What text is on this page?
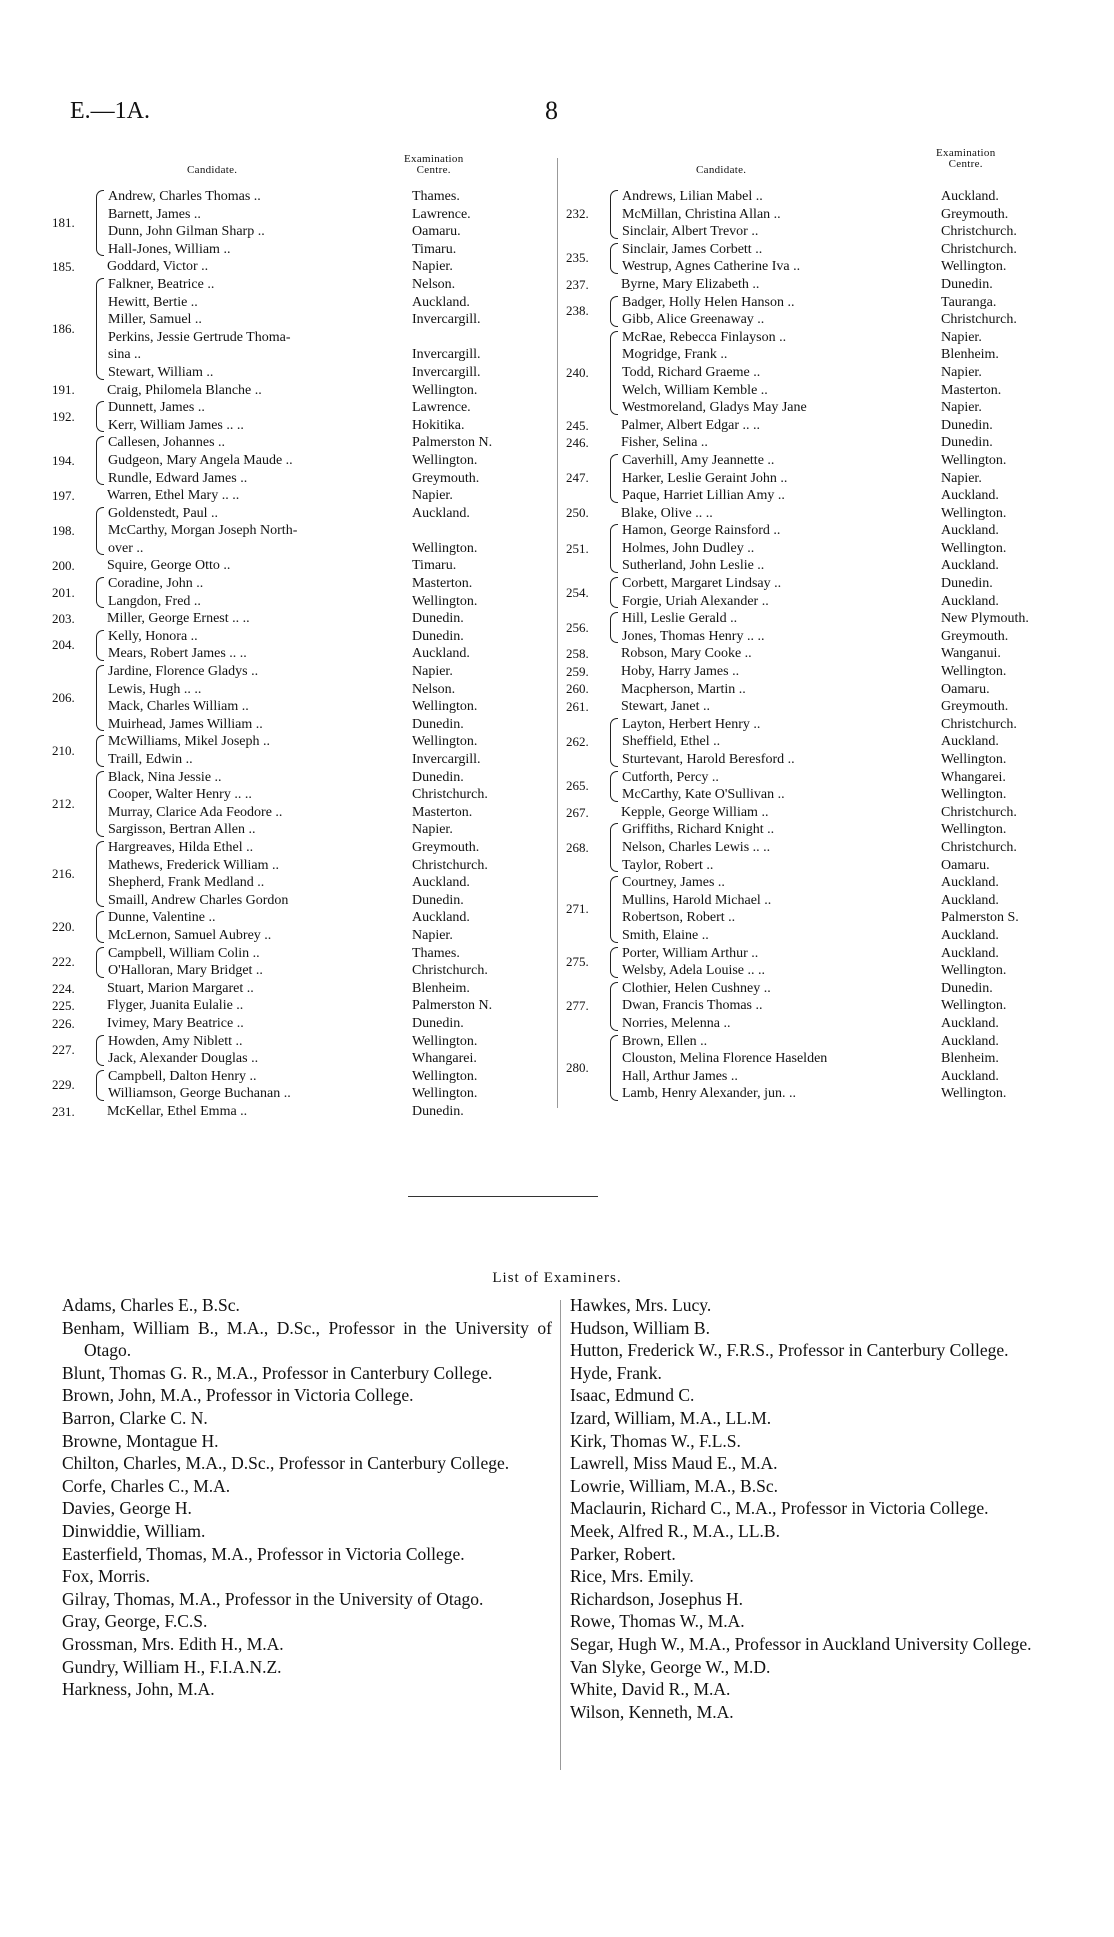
E.—1A.	8
Candidate.
Examination
Centre.
181.
Andrew, Charles Thomas ..	Thames.
Barnett, James ..	Lawrence.
Dunn, John Gilman Sharp ..	Oamaru.
Hall-Jones, William ..	Timaru.
185.	Goddard, Victor ..	Napier.
186.
Falkner, Beatrice ..	Nelson.
Hewitt, Bertie ..	Auckland.
Miller, Samuel ..	Invercargill.
Perkins, Jessie Gertrude Thoma-
sina ..	Invercargill.
Stewart, William ..	Invercargill.
191.	Craig, Philomela Blanche ..	Wellington.
192.
Dunnett, James ..	Lawrence.
Kerr, William James .. ..	Hokitika.
194.
Callesen, Johannes ..	Palmerston N.
Gudgeon, Mary Angela Maude ..	Wellington.
Rundle, Edward James ..	Greymouth.
197.	Warren, Ethel Mary .. ..	Napier.
198.
Goldenstedt, Paul ..	Auckland.
McCarthy, Morgan Joseph North-
over ..	Wellington.
200.	Squire, George Otto ..	Timaru.
201.
Coradine, John ..	Masterton.
Langdon, Fred ..	Wellington.
203.	Miller, George Ernest .. ..	Dunedin.
204.
Kelly, Honora ..	Dunedin.
Mears, Robert James .. ..	Auckland.
206.
Jardine, Florence Gladys ..	Napier.
Lewis, Hugh .. ..	Nelson.
Mack, Charles William ..	Wellington.
Muirhead, James William ..	Dunedin.
210.
McWilliams, Mikel Joseph ..	Wellington.
Traill, Edwin ..	Invercargill.
212.
Black, Nina Jessie ..	Dunedin.
Cooper, Walter Henry .. ..	Christchurch.
Murray, Clarice Ada Feodore ..	Masterton.
Sargisson, Bertran Allen ..	Napier.
216.
Hargreaves, Hilda Ethel ..	Greymouth.
Mathews, Frederick William ..	Christchurch.
Shepherd, Frank Medland ..	Auckland.
Smaill, Andrew Charles Gordon	Dunedin.
220.
Dunne, Valentine ..	Auckland.
McLernon, Samuel Aubrey ..	Napier.
222.
Campbell, William Colin ..	Thames.
O'Halloran, Mary Bridget ..	Christchurch.
224.	Stuart, Marion Margaret ..	Blenheim.
225.	Flyger, Juanita Eulalie ..	Palmerston N.
226.	Ivimey, Mary Beatrice ..	Dunedin.
227.
Howden, Amy Niblett ..	Wellington.
Jack, Alexander Douglas ..	Whangarei.
229.
Campbell, Dalton Henry ..	Wellington.
Williamson, George Buchanan ..	Wellington.
231.	McKellar, Ethel Emma ..	Dunedin.
Candidate.
Examination
Centre.
232.
Andrews, Lilian Mabel ..	Auckland.
McMillan, Christina Allan ..	Greymouth.
Sinclair, Albert Trevor ..	Christchurch.
235.
Sinclair, James Corbett ..	Christchurch.
Westrup, Agnes Catherine Iva ..	Wellington.
237.	Byrne, Mary Elizabeth ..	Dunedin.
238.
Badger, Holly Helen Hanson ..	Tauranga.
Gibb, Alice Greenaway ..	Christchurch.
240.
McRae, Rebecca Finlayson ..	Napier.
Mogridge, Frank ..	Blenheim.
Todd, Richard Graeme ..	Napier.
Welch, William Kemble ..	Masterton.
Westmoreland, Gladys May Jane	Napier.
245.	Palmer, Albert Edgar .. ..	Dunedin.
246.	Fisher, Selina ..	Dunedin.
247.
Caverhill, Amy Jeannette ..	Wellington.
Harker, Leslie Geraint John ..	Napier.
Paque, Harriet Lillian Amy ..	Auckland.
250.	Blake, Olive .. ..	Wellington.
251.
Hamon, George Rainsford ..	Auckland.
Holmes, John Dudley ..	Wellington.
Sutherland, John Leslie ..	Auckland.
254.
Corbett, Margaret Lindsay ..	Dunedin.
Forgie, Uriah Alexander ..	Auckland.
256.
Hill, Leslie Gerald ..	New Plymouth.
Jones, Thomas Henry .. ..	Greymouth.
258.	Robson, Mary Cooke ..	Wanganui.
259.	Hoby, Harry James ..	Wellington.
260.	Macpherson, Martin ..	Oamaru.
261.	Stewart, Janet ..	Greymouth.
262.
Layton, Herbert Henry ..	Christchurch.
Sheffield, Ethel ..	Auckland.
Sturtevant, Harold Beresford ..	Wellington.
265.
Cutforth, Percy ..	Whangarei.
McCarthy, Kate O'Sullivan ..	Wellington.
267.	Kepple, George William ..	Christchurch.
268.
Griffiths, Richard Knight ..	Wellington.
Nelson, Charles Lewis .. ..	Christchurch.
Taylor, Robert ..	Oamaru.
271.
Courtney, James ..	Auckland.
Mullins, Harold Michael ..	Auckland.
Robertson, Robert ..	Palmerston S.
Smith, Elaine ..	Auckland.
275.
Porter, William Arthur ..	Auckland.
Welsby, Adela Louise .. ..	Wellington.
277.
Clothier, Helen Cushney ..	Dunedin.
Dwan, Francis Thomas ..	Wellington.
Norries, Melenna ..	Auckland.
280.
Brown, Ellen ..	Auckland.
Clouston, Melina Florence Haselden	Blenheim.
Hall, Arthur James ..	Auckland.
Lamb, Henry Alexander, jun. ..	Wellington.
List of Examiners.
Adams, Charles E., B.Sc.
Benham, William B., M.A., D.Sc., Professor in the University of Otago.
Blunt, Thomas G. R., M.A., Professor in Canterbury College.
Brown, John, M.A., Professor in Victoria College.
Barron, Clarke C. N.
Browne, Montague H.
Chilton, Charles, M.A., D.Sc., Professor in Canterbury College.
Corfe, Charles C., M.A.
Davies, George H.
Dinwiddie, William.
Easterfield, Thomas, M.A., Professor in Victoria College.
Fox, Morris.
Gilray, Thomas, M.A., Professor in the University of Otago.
Gray, George, F.C.S.
Grossman, Mrs. Edith H., M.A.
Gundry, William H., F.I.A.N.Z.
Harkness, John, M.A.
Hawkes, Mrs. Lucy.
Hudson, William B.
Hutton, Frederick W., F.R.S., Professor in Canterbury College.
Hyde, Frank.
Isaac, Edmund C.
Izard, William, M.A., LL.M.
Kirk, Thomas W., F.L.S.
Lawrell, Miss Maud E., M.A.
Lowrie, William, M.A., B.Sc.
Maclaurin, Richard C., M.A., Professor in Victoria College.
Meek, Alfred R., M.A., LL.B.
Parker, Robert.
Rice, Mrs. Emily.
Richardson, Josephus H.
Rowe, Thomas W., M.A.
Segar, Hugh W., M.A., Professor in Auckland University College.
Van Slyke, George W., M.D.
White, David R., M.A.
Wilson, Kenneth, M.A.
